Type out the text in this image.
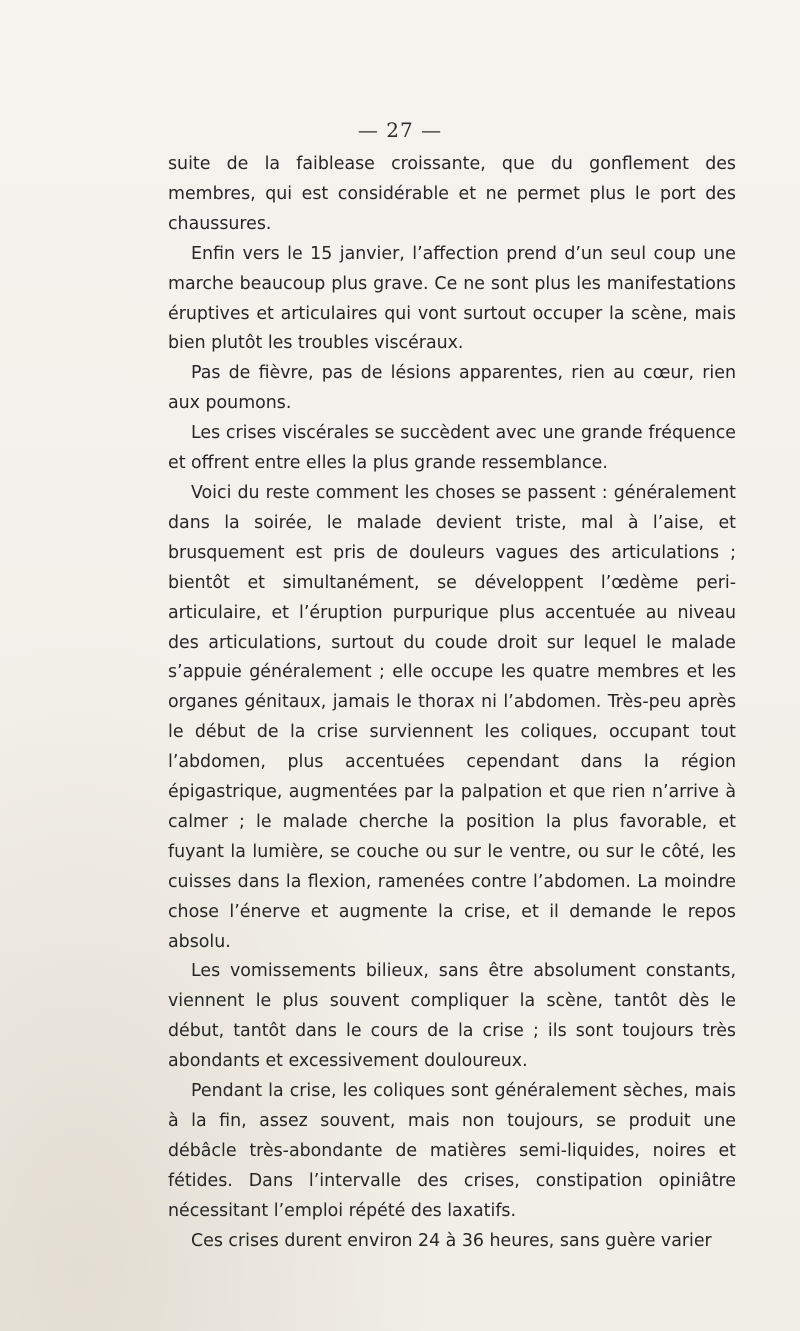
— 27 —

suite de la faiblease croissante, que du gonflement des membres, qui est considérable et ne permet plus le port des chaussures.

Enfin vers le 15 janvier, l’affection prend d’un seul coup une marche beaucoup plus grave. Ce ne sont plus les manifestations éruptives et articulaires qui vont surtout occuper la scène, mais bien plutôt les troubles viscéraux.

Pas de fièvre, pas de lésions apparentes, rien au cœur, rien aux poumons.

Les crises viscérales se succèdent avec une grande fréquence et offrent entre elles la plus grande ressemblance.

Voici du reste comment les choses se passent : généralement dans la soirée, le malade devient triste, mal à l’aise, et brusquement est pris de douleurs vagues des articulations ; bientôt et simultanément, se développent l’œdème peri-articulaire, et l’éruption purpurique plus accentuée au niveau des articulations, surtout du coude droit sur lequel le malade s’appuie généralement ; elle occupe les quatre membres et les organes génitaux, jamais le thorax ni l’abdomen. Très-peu après le début de la crise surviennent les coliques, occupant tout l’abdomen, plus accentuées cependant dans la région épigastrique, augmentées par la palpation et que rien n’arrive à calmer ; le malade cherche la position la plus favorable, et fuyant la lumière, se couche ou sur le ventre, ou sur le côté, les cuisses dans la flexion, ramenées contre l’abdomen. La moindre chose l’énerve et augmente la crise, et il demande le repos absolu.

Les vomissements bilieux, sans être absolument constants, viennent le plus souvent compliquer la scène, tantôt dès le début, tantôt dans le cours de la crise ; ils sont toujours très abondants et excessivement douloureux.

Pendant la crise, les coliques sont généralement sèches, mais à la fin, assez souvent, mais non toujours, se produit une débâcle très-abondante de matières semi-liquides, noires et fétides. Dans l’intervalle des crises, constipation opiniâtre nécessitant l’emploi répété des laxatifs.

Ces crises durent environ 24 à 36 heures, sans guère varier
